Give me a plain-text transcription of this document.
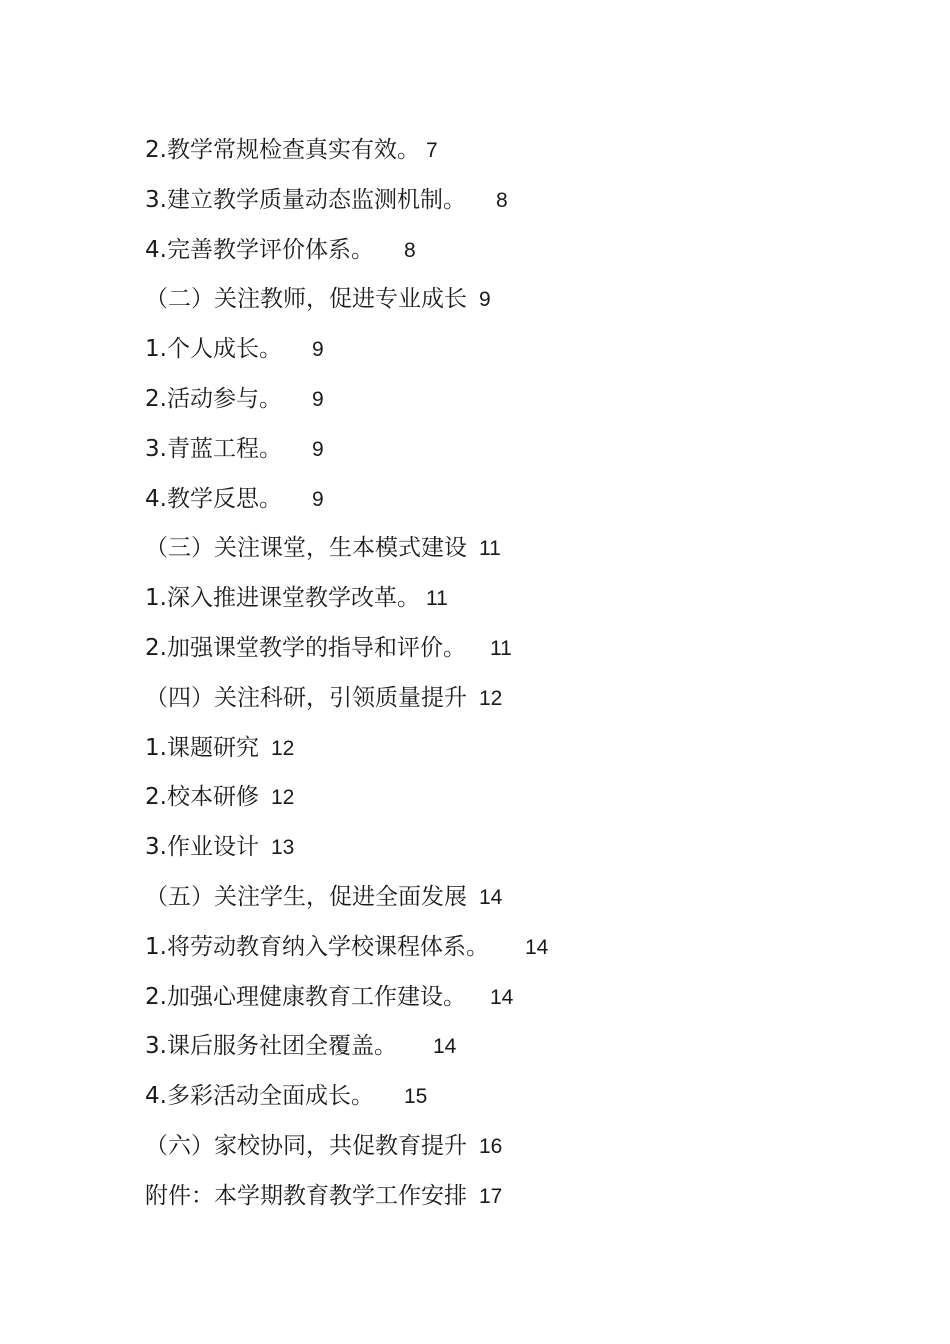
2.教学常规检查真实有效。 7
3.建立教学质量动态监测机制。 8
4.完善教学评价体系。 8
（二）关注教师，促进专业成长 9
1.个人成长。 9
2.活动参与。 9
3.青蓝工程。 9
4.教学反思。 9
（三）关注课堂，生本模式建设 11
1.深入推进课堂教学改革。 11
2.加强课堂教学的指导和评价。 11
（四）关注科研，引领质量提升 12
1.课题研究 12
2.校本研修 12
3.作业设计 13
（五）关注学生，促进全面发展 14
1.将劳动教育纳入学校课程体系。 14
2.加强心理健康教育工作建设。 14
3.课后服务社团全覆盖。 14
4.多彩活动全面成长。 15
（六）家校协同，共促教育提升 16
附件：本学期教育教学工作安排 17
